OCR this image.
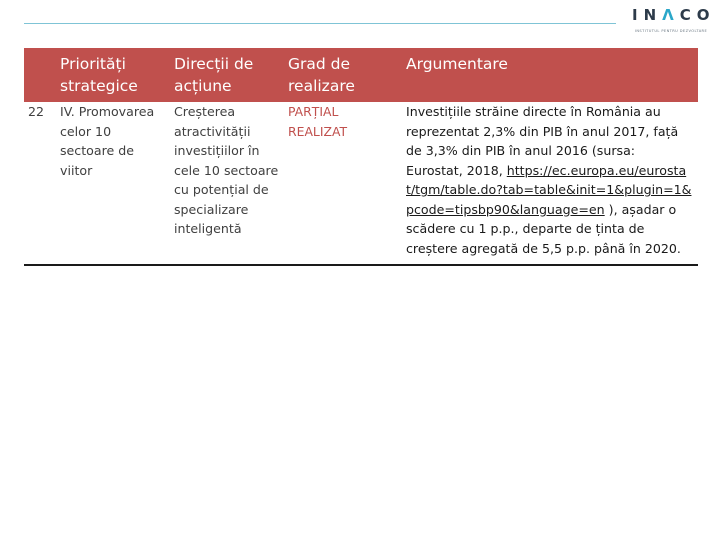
INΛCO
INSTITUTUL PENTRU DEZVOLTARE
	Priorități strategice	Direcții de acțiune	Grad de realizare	Argumentare
22	IV. Promovarea celor 10 sectoare de viitor	Creșterea atractivității investițiilor în cele 10 sectoare cu potențial de specializare inteligentă	PARȚIAL REALIZAT	Investițiile străine directe în România au reprezentat 2,3% din PIB în anul 2017, față de 3,3% din PIB în anul 2016 (sursa: Eurostat, 2018, https://ec.europa.eu/eurostat/tgm/table.do?tab=table&init=1&plugin=1&pcode=tipsbp90&language=en ), așadar o scădere cu 1 p.p., departe de ținta de creștere agregată de 5,5 p.p. până în 2020.
